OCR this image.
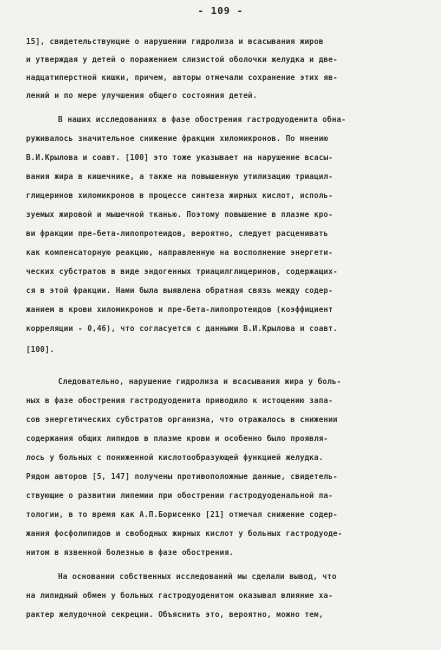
- 109 -
15], свидетельствуюцие о нарушении гидролиза и всасывания жиров
и утверждая у детей о поражением слизистой оболочки желудка и две-
надцатиперстной кишки, причем, авторы отмечали сохранение этих яв-
лений и по мере улучшения общего состояния детей.
В наших исследованиях в фазе обострения гастродуоденита обна-
руживалось значительное снижение фракции хиломикронов. По мнению
В.И.Крылова и соавт. [100] это тоже указывает на нарушение всасы-
вания жира в кишечнике, а также на повышенную утилизацию триацил-
глицеринов хиломикронов в процессе синтеза жирных кислот, исполь-
зуемых жировой и мышечной тканью. Поэтому повышение в плазме кро-
ви фракции пре-бета-липопротеидов, вероятно, следует расценивать
как компенсаторную реакцию, направленную на восполнение энергети-
ческих субстратов в виде эндогенных триацилглицеринов, содержащих-
ся в этой фракции. Нами была выявлена обратная связь между содер-
жанием в крови хиломикронов и пре-бета-липопротеидов (коэффициент
корреляции - 0,46), что согласуется с данными В.И.Крылова и соавт.
[100].
Следовательно, нарушение гидролиза и всасывания жира у боль-
ных в фазе обострения гастродуоденита приводило к истощению запа-
сов энергетических субстратов организма, что отражалось в снижении
содержания общих липидов в плазме крови и особенно было проявля-
лось у больных с пониженной кислотообразующей функцией желудка.
Рядом авторов [5, 147] получены противоположные данные, свидетель-
ствующие о развитии липемии при обострении гастродуоденальной па-
тологии, в то время как А.П.Борисенко [21] отмечал снижение содер-
жания фосфолипидов и свободных жирных кислот у больных гастродуоде-
нитом в язвенной болезнью в фазе обострения.
На основании собственных исследований мы сделали вывод, что
на липидный обмен у больных гастродуоденитом оказывал влияние ха-
рактер желудочной секреции. Объяснить это, вероятно, можно тем,
